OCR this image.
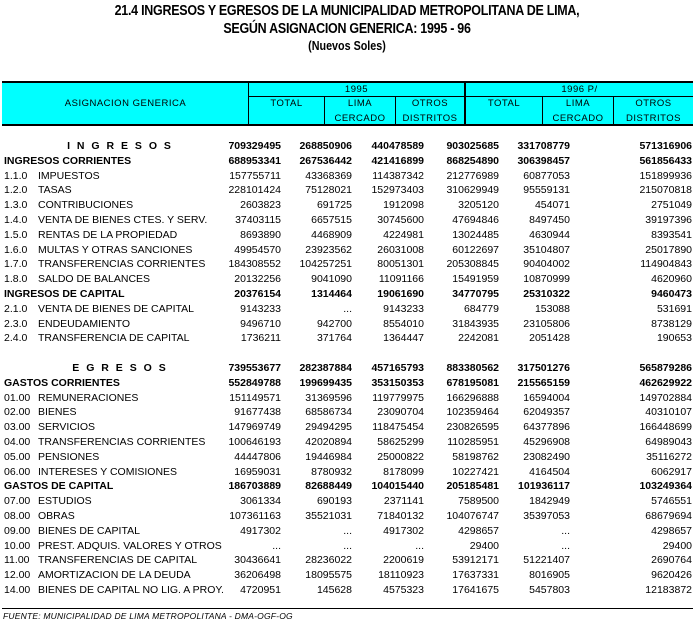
21.4 INGRESOS Y EGRESOS DE LA MUNICIPALIDAD METROPOLITANA DE LIMA,
SEGÚN ASIGNACION GENERICA: 1995 - 96
(Nuevos Soles)
ASIGNACION GENERICA
1995	1996 P/
TOTAL	LIMA
CERCADO
OTROS
DISTRITOS
TOTAL	LIMA
CERCADO
OTROS
DISTRITOS
I N G R E S O S	709329495	268850906	440478589	903025685	331708779	571316906
INGRESOS CORRIENTES	688953341	267536442	421416899	868254890	306398457	561856433
1.1.0 IMPUESTOS	157755711	43368369	114387342	212776989	60877053	151899936
1.2.0 TASAS	228101424	75128021	152973403	310629949	95559131	215070818
1.3.0 CONTRIBUCIONES	2603823	691725	1912098	3205120	454071	2751049
1.4.0 VENTA DE BIENES CTES. Y SERV.	37403115	6657515	30745600	47694846	8497450	39197396
1.5.0 RENTAS DE LA PROPIEDAD	8693890	4468909	4224981	13024485	4630944	8393541
1.6.0 MULTAS Y OTRAS SANCIONES	49954570	23923562	26031008	60122697	35104807	25017890
1.7.0 TRANSFERENCIAS CORRIENTES	184308552	104257251	80051301	205308845	90404002	114904843
1.8.0 SALDO DE BALANCES	20132256	9041090	11091166	15491959	10870999	4620960
INGRESOS DE CAPITAL	20376154	1314464	19061690	34770795	25310322	9460473
2.1.0 VENTA DE BIENES DE CAPITAL	9143233	...	9143233	684779	153088	531691
2.3.0 ENDEUDAMIENTO	9496710	942700	8554010	31843935	23105806	8738129
2.4.0 TRANSFERENCIA DE CAPITAL	1736211	371764	1364447	2242081	2051428	190653
E G R E S O S	739553677	282387884	457165793	883380562	317501276	565879286
GASTOS CORRIENTES	552849788	199699435	353150353	678195081	215565159	462629922
01.00 REMUNERACIONES	151149571	31369596	119779975	166296888	16594004	149702884
02.00 BIENES	91677438	68586734	23090704	102359464	62049357	40310107
03.00 SERVICIOS	147969749	29494295	118475454	230826595	64377896	166448699
04.00 TRANSFERENCIAS CORRIENTES	100646193	42020894	58625299	110285951	45296908	64989043
05.00 PENSIONES	44447806	19446984	25000822	58198762	23082490	35116272
06.00 INTERESES Y COMISIONES	16959031	8780932	8178099	10227421	4164504	6062917
GASTOS DE CAPITAL	186703889	82688449	104015440	205185481	101936117	103249364
07.00 ESTUDIOS	3061334	690193	2371141	7589500	1842949	5746551
08.00 OBRAS	107361163	35521031	71840132	104076747	35397053	68679694
09.00 BIENES DE CAPITAL	4917302	...	4917302	4298657	...	4298657
10.00 PREST. ADQUIS. VALORES Y OTROS	...	...	...	29400	...	29400
11.00 TRANSFERENCIAS DE CAPITAL	30436641	28236022	2200619	53912171	51221407	2690764
12.00 AMORTIZACION DE LA DEUDA	36206498	18095575	18110923	17637331	8016905	9620426
14.00 BIENES DE CAPITAL NO LIG. A PROY.	4720951	145628	4575323	17641675	5457803	12183872
FUENTE: MUNICIPALIDAD DE LIMA METROPOLITANA - DMA-OGF-OG
